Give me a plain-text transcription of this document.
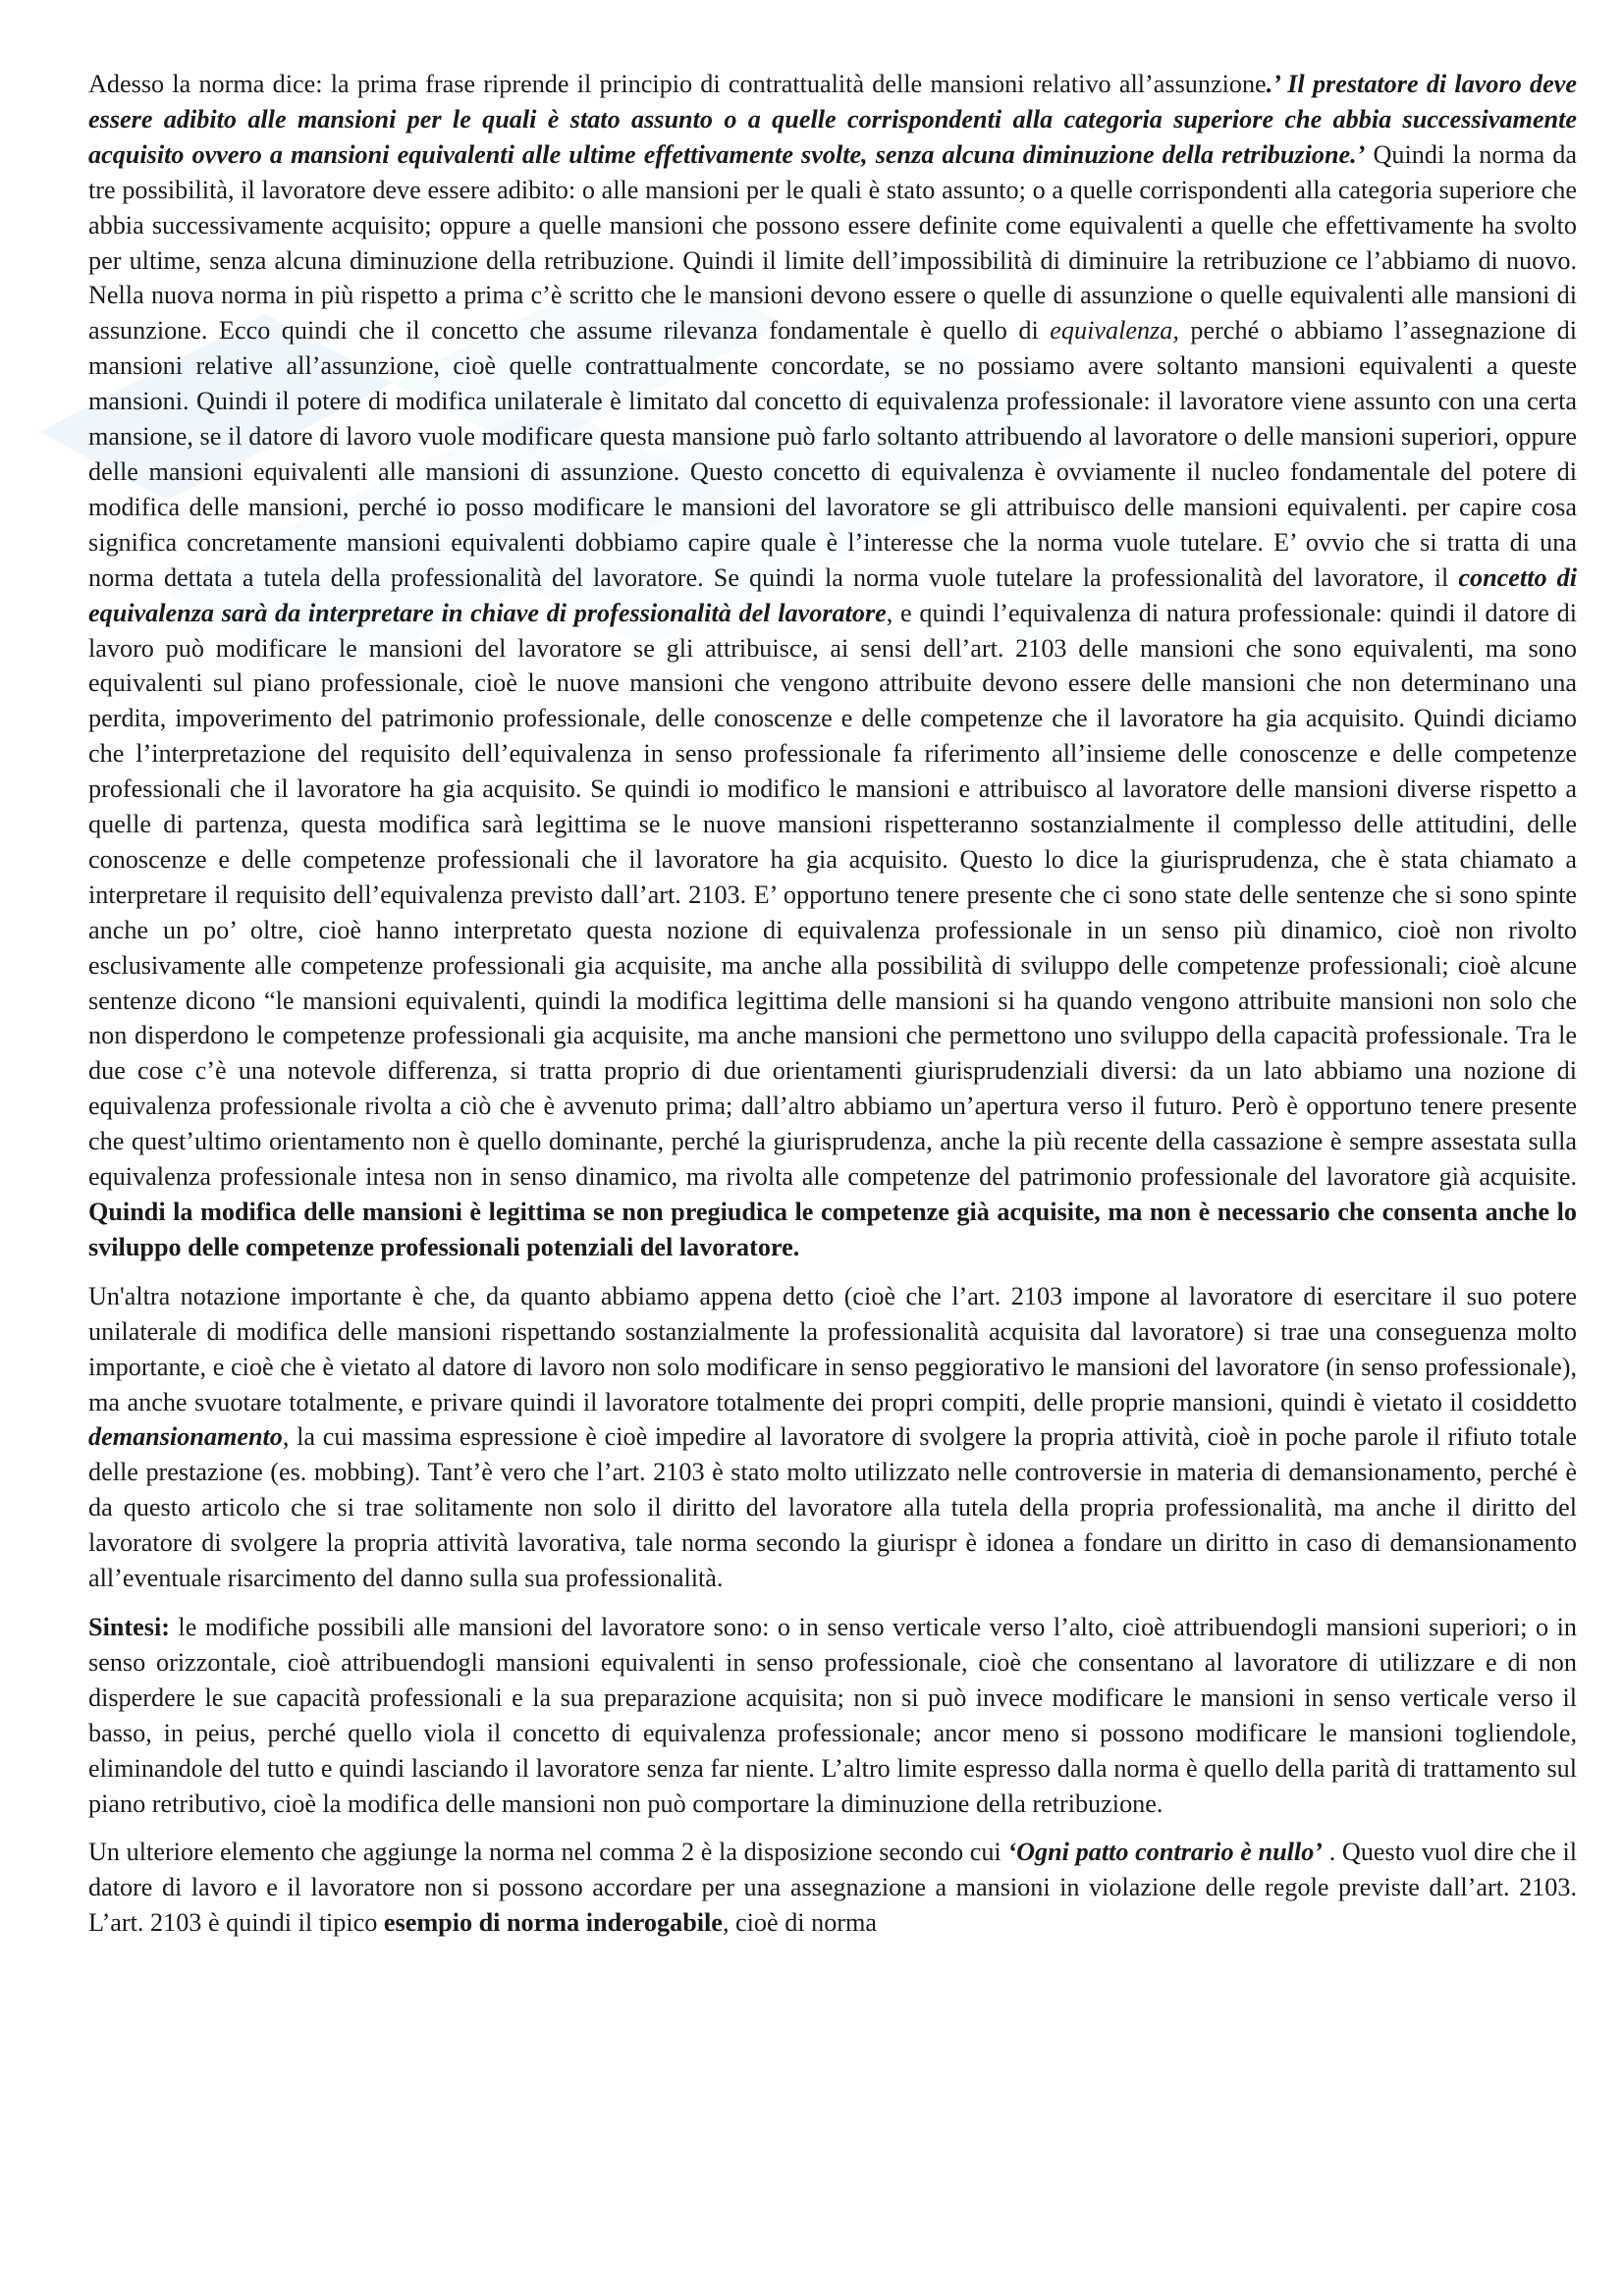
Adesso la norma dice: la prima frase riprende il principio di contrattualità delle mansioni relativo all’assunzione.’ Il prestatore di lavoro deve essere adibito alle mansioni per le quali è stato assunto o a quelle corrispondenti alla categoria superiore che abbia successivamente acquisito ovvero a mansioni equivalenti alle ultime effettivamente svolte, senza alcuna diminuzione della retribuzione.’ Quindi la norma da tre possibilità, il lavoratore deve essere adibito: o alle mansioni per le quali è stato assunto; o a quelle corrispondenti alla categoria superiore che abbia successivamente acquisito; oppure a quelle mansioni che possono essere definite come equivalenti a quelle che effettivamente ha svolto per ultime, senza alcuna diminuzione della retribuzione. Quindi il limite dell’impossibilità di diminuire la retribuzione ce l’abbiamo di nuovo. Nella nuova norma in più rispetto a prima c’è scritto che le mansioni devono essere o quelle di assunzione o quelle equivalenti alle mansioni di assunzione. Ecco quindi che il concetto che assume rilevanza fondamentale è quello di equivalenza, perché o abbiamo l’assegnazione di mansioni relative all’assunzione, cioè quelle contrattualmente concordate, se no possiamo avere soltanto mansioni equivalenti a queste mansioni. Quindi il potere di modifica unilaterale è limitato dal concetto di equivalenza professionale: il lavoratore viene assunto con una certa mansione, se il datore di lavoro vuole modificare questa mansione può farlo soltanto attribuendo al lavoratore o delle mansioni superiori, oppure delle mansioni equivalenti alle mansioni di assunzione. Questo concetto di equivalenza è ovviamente il nucleo fondamentale del potere di modifica delle mansioni, perché io posso modificare le mansioni del lavoratore se gli attribuisco delle mansioni equivalenti. per capire cosa significa concretamente mansioni equivalenti dobbiamo capire quale è l’interesse che la norma vuole tutelare. E’ ovvio che si tratta di una norma dettata a tutela della professionalità del lavoratore. Se quindi la norma vuole tutelare la professionalità del lavoratore, il concetto di equivalenza sarà da interpretare in chiave di professionalità del lavoratore, e quindi l’equivalenza di natura professionale: quindi il datore di lavoro può modificare le mansioni del lavoratore se gli attribuisce, ai sensi dell’art. 2103 delle mansioni che sono equivalenti, ma sono equivalenti sul piano professionale, cioè le nuove mansioni che vengono attribuite devono essere delle mansioni che non determinano una perdita, impoverimento del patrimonio professionale, delle conoscenze e delle competenze che il lavoratore ha gia acquisito. Quindi diciamo che l’interpretazione del requisito dell’equivalenza in senso professionale fa riferimento all’insieme delle conoscenze e delle competenze professionali che il lavoratore ha gia acquisito. Se quindi io modifico le mansioni e attribuisco al lavoratore delle mansioni diverse rispetto a quelle di partenza, questa modifica sarà legittima se le nuove mansioni rispetteranno sostanzialmente il complesso delle attitudini, delle conoscenze e delle competenze professionali che il lavoratore ha gia acquisito. Questo lo dice la giurisprudenza, che è stata chiamato a interpretare il requisito dell’equivalenza previsto dall’art. 2103. E’ opportuno tenere presente che ci sono state delle sentenze che si sono spinte anche un po’ oltre, cioè hanno interpretato questa nozione di equivalenza professionale in un senso più dinamico, cioè non rivolto esclusivamente alle competenze professionali gia acquisite, ma anche alla possibilità di sviluppo delle competenze professionali; cioè alcune sentenze dicono “le mansioni equivalenti, quindi la modifica legittima delle mansioni si ha quando vengono attribuite mansioni non solo che non disperdono le competenze professionali gia acquisite, ma anche mansioni che permettono uno sviluppo della capacità professionale. Tra le due cose c’è una notevole differenza, si tratta proprio di due orientamenti giurisprudenziali diversi: da un lato abbiamo una nozione di equivalenza professionale rivolta a ciò che è avvenuto prima; dall’altro abbiamo un’apertura verso il futuro. Però è opportuno tenere presente che quest’ultimo orientamento non è quello dominante, perché la giurisprudenza, anche la più recente della cassazione è sempre assestata sulla equivalenza professionale intesa non in senso dinamico, ma rivolta alle competenze del patrimonio professionale del lavoratore già acquisite. Quindi la modifica delle mansioni è legittima se non pregiudica le competenze già acquisite, ma non è necessario che consenta anche lo sviluppo delle competenze professionali potenziali del lavoratore.

Un'altra notazione importante è che, da quanto abbiamo appena detto (cioè che l’art. 2103 impone al lavoratore di esercitare il suo potere unilaterale di modifica delle mansioni rispettando sostanzialmente la professionalità acquisita dal lavoratore) si trae una conseguenza molto importante, e cioè che è vietato al datore di lavoro non solo modificare in senso peggiorativo le mansioni del lavoratore (in senso professionale), ma anche svuotare totalmente, e privare quindi il lavoratore totalmente dei propri compiti, delle proprie mansioni, quindi è vietato il cosiddetto demansionamento, la cui massima espressione è cioè impedire al lavoratore di svolgere la propria attività, cioè in poche parole il rifiuto totale delle prestazione (es. mobbing). Tant’è vero che l’art. 2103 è stato molto utilizzato nelle controversie in materia di demansionamento, perché è da questo articolo che si trae solitamente non solo il diritto del lavoratore alla tutela della propria professionalità, ma anche il diritto del lavoratore di svolgere la propria attività lavorativa, tale norma secondo la giurispr è idonea a fondare un diritto in caso di demansionamento all’eventuale risarcimento del danno sulla sua professionalità.

Sintesi: le modifiche possibili alle mansioni del lavoratore sono: o in senso verticale verso l’alto, cioè attribuendogli mansioni superiori; o in senso orizzontale, cioè attribuendogli mansioni equivalenti in senso professionale, cioè che consentano al lavoratore di utilizzare e di non disperdere le sue capacità professionali e la sua preparazione acquisita; non si può invece modificare le mansioni in senso verticale verso il basso, in peius, perché quello viola il concetto di equivalenza professionale; ancor meno si possono modificare le mansioni togliendole, eliminandole del tutto e quindi lasciando il lavoratore senza far niente. L’altro limite espresso dalla norma è quello della parità di trattamento sul piano retributivo, cioè la modifica delle mansioni non può comportare la diminuzione della retribuzione.

Un ulteriore elemento che aggiunge la norma nel comma 2 è la disposizione secondo cui ‘Ogni patto contrario è nullo’ . Questo vuol dire che il datore di lavoro e il lavoratore non si possono accordare per una assegnazione a mansioni in violazione delle regole previste dall’art. 2103. L’art. 2103 è quindi il tipico esempio di norma inderogabile, cioè di norma
